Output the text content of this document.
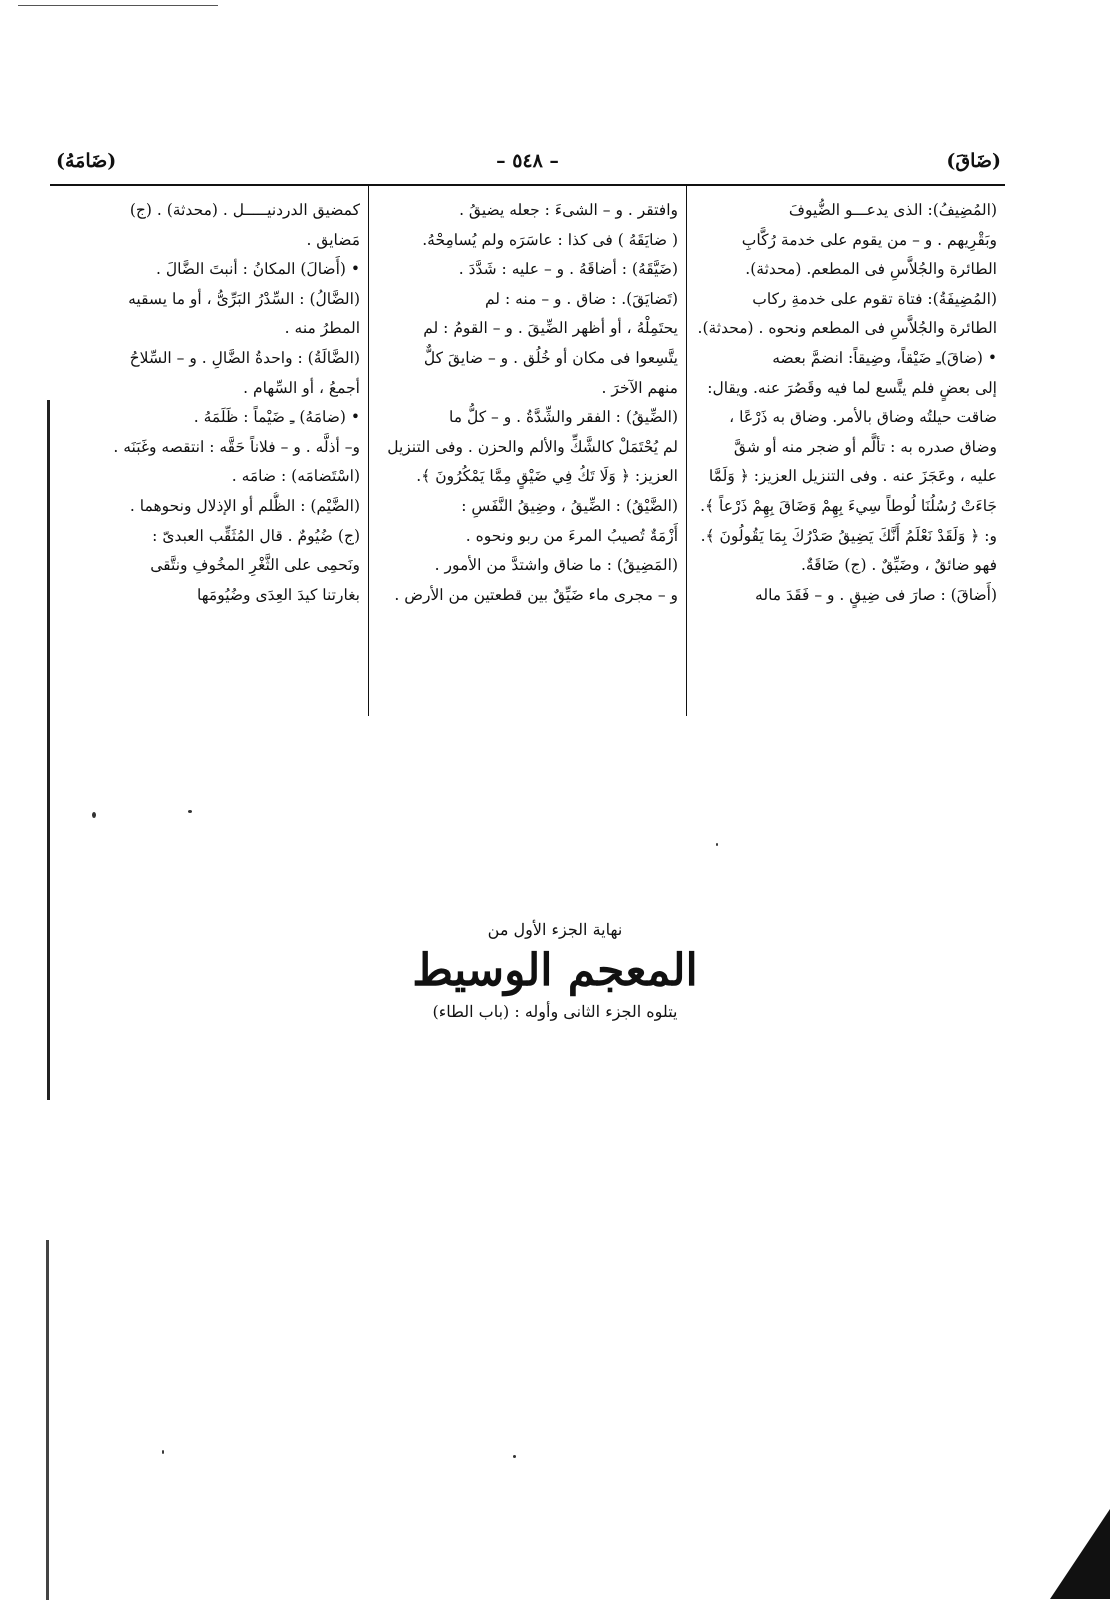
(ضَاقَ)
– ٥٤٨ –
(ضَامَهُ)

(المُضِيفُ): الذى يدعـــو الضُّيوفَ

وبَقْرِيهم . و – من يقوم على خدمة رُكَّابِ

الطائرة والجُلاَّسِ فى المطعم. (محدثة).

(المُضِيفَةُ): فتاة تقوم على خدمةِ ركاب

الطائرة والجُلاَّسِ فى المطعم ونحوه . (محدثة).

• (ضاقَ)ـِ ضَيْقاً، وضِيقاً: انضمَّ بعضه

إلى بعضٍ فلم يتَّسع لما فيه وقَصُرَ عنه. ويقال:

ضاقت حيلتُه وضاق بالأمر. وضاق به ذَرْعًا ،

وضاق صدره به : تألَّم أو ضجر منه أو شقَّ

عليه ، وعَجَزَ عنه . وفى التنزيل العزيز: ﴿ وَلَمَّا

جَاءَتْ رُسُلُنَا لُوطاً سِيءَ بِهِمْ وَضَاقَ بِهِمْ ذَرْعاً ﴾.

و: ﴿ وَلَقَدْ نَعْلَمُ أَنَّكَ يَضِيقُ صَدْرُكَ بِمَا يَقُولُونَ ﴾.

فهو ضائقٌ ، وضَيِّقٌ . (ج) ضَاقَةٌ.

(أَضاقَ) : صارَ فى ضِيقٍ . و – فَقَدَ ماله

وافتقر . و – الشىءَ : جعله يضيقُ .

( ضايَقَهُ ) فى كذا : عاسَرَه ولم يُسامِحْهُ.

(ضَيَّقَهُ) : أضاقَهُ . و – عليه : شَدَّدَ .

(تَضايَقَ). : ضاق . و – منه : لم

يحتَمِلْهُ ، أو أظهر الضِّيقَ . و – القومُ : لم

يتَّسِعوا فى مكان أو خُلُق . و – ضايقَ كلٌّ

منهم الآخرَ .

(الضِّيقُ) : الفقر والشِّدَّةُ . و – كلُّ ما

لم يُحْتَمَلْ كالشَّكِّ والألم والحزن . وفى التنزيل

العزيز: ﴿ وَلَا تَكُ فِي ضَيْقٍ مِمَّا يَمْكُرُونَ ﴾.

(الضَّيْقُ) : الضِّيقُ ، وضِيقُ النَّفَسِ :

أَزْمَةٌ تُصيبُ المرءَ من ربو ونحوه .

(المَضِيقُ) : ما ضاق واشتدَّ من الأمور .

و – مجرى ماء ضَيِّقٌ بين قطعتين من الأرض .

كمضيق الدردنيـــــل . (محدثة) . (ج)

مَضايق .

• (أَضالَ) المكانُ : أنبتَ الضَّالَ .

(الضَّالُ) : السِّدْرُ البَرِّىُّ ، أو ما يسقيه

المطرُ منه .

(الضَّالَةُ) : واحدةُ الضَّالِ . و – السِّلاحُ

أجمعُ ، أو السِّهام .

• (ضامَهُ) ـِ ضَيْماً : ظَلَمَهُ .

و– أذلَّه . و – فلاناً حَقَّه : انتقصه وغَبَنَه .

(اسْتَضامَه) : ضامَه .

(الضَّيْم) : الظُّلم أو الإذلال ونحوهما .

(ج) ضُيُومٌ . قال المُثَقِّب العبدىّ :

ونَحمِى على الثَّغْرِ المخُوفِ ونتَّقى

بغارتنا كيدَ العِدَى وضُيُومَها

نهاية الجزء الأول من
المعجم الوسيط
يتلوه الجزء الثانى وأوله : (باب الطاء)
